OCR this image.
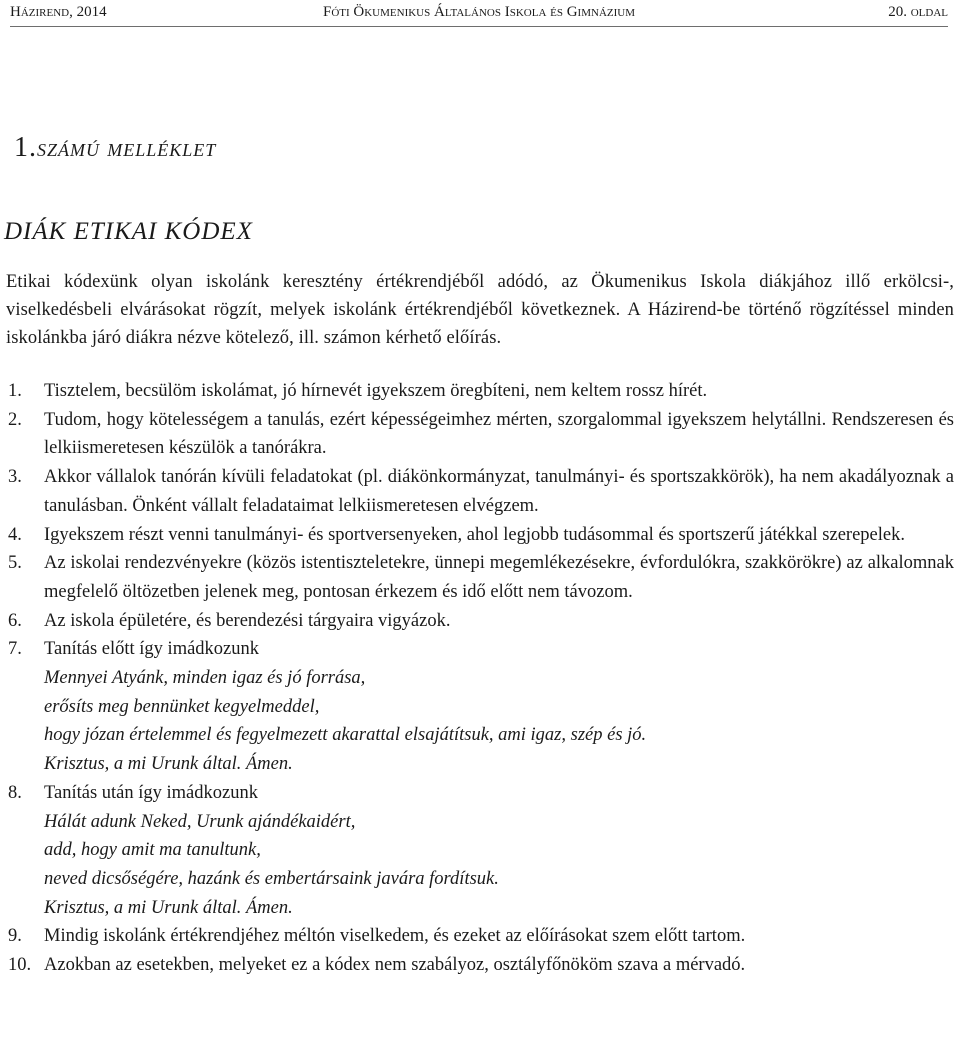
Házirend, 2014	Fóti Ökumenikus Általános Iskola és Gimnázium	20. oldal
1.számú melléklet
DIÁK ETIKAI KÓDEX

Etikai kódexünk olyan iskolánk keresztény értékrendjéből adódó, az Ökumenikus Iskola diákjához illő erkölcsi-, viselkedésbeli elvárásokat rögzít, melyek iskolánk értékrendjéből következnek. A Házirend-be történő rögzítéssel minden iskolánkba járó diákra nézve kötelező, ill. számon kérhető előírás.

1. Tisztelem, becsülöm iskolámat, jó hírnevét igyekszem öregbíteni, nem keltem rossz hírét.
2. Tudom, hogy kötelességem a tanulás, ezért képességeimhez mérten, szorgalommal igyekszem helytállni. Rendszeresen és lelkiismeretesen készülök a tanórákra.
3. Akkor vállalok tanórán kívüli feladatokat (pl. diákönkormányzat, tanulmányi- és sportszakkörök), ha nem akadályoznak a tanulásban. Önként vállalt feladataimat lelkiismeretesen elvégzem.
4. Igyekszem részt venni tanulmányi- és sportversenyeken, ahol legjobb tudásommal és sportszerű játékkal szerepelek.
5. Az iskolai rendezvényekre (közös istentiszteletekre, ünnepi megemlékezésekre, évfordulókra, szakkörökre) az alkalomnak megfelelő öltözetben jelenek meg, pontosan érkezem és idő előtt nem távozom.
6. Az iskola épületére, és berendezési tárgyaira vigyázok.
7. Tanítás előtt így imádkozunk
Mennyei Atyánk, minden igaz és jó forrása,
erősíts meg bennünket kegyelmeddel,
hogy józan értelemmel és fegyelmezett akarattal elsajátítsuk, ami igaz, szép és jó.
Krisztus, a mi Urunk által. Ámen.
8. Tanítás után így imádkozunk
Hálát adunk Neked, Urunk ajándékaidért,
add, hogy amit ma tanultunk,
neved dicsőségére, hazánk és embertársaink javára fordítsuk.
Krisztus, a mi Urunk által. Ámen.
9. Mindig iskolánk értékrendjéhez méltón viselkedem, és ezeket az előírásokat szem előtt tartom.
10. Azokban az esetekben, melyeket ez a kódex nem szabályoz, osztályfőnököm szava a mérvadó.
